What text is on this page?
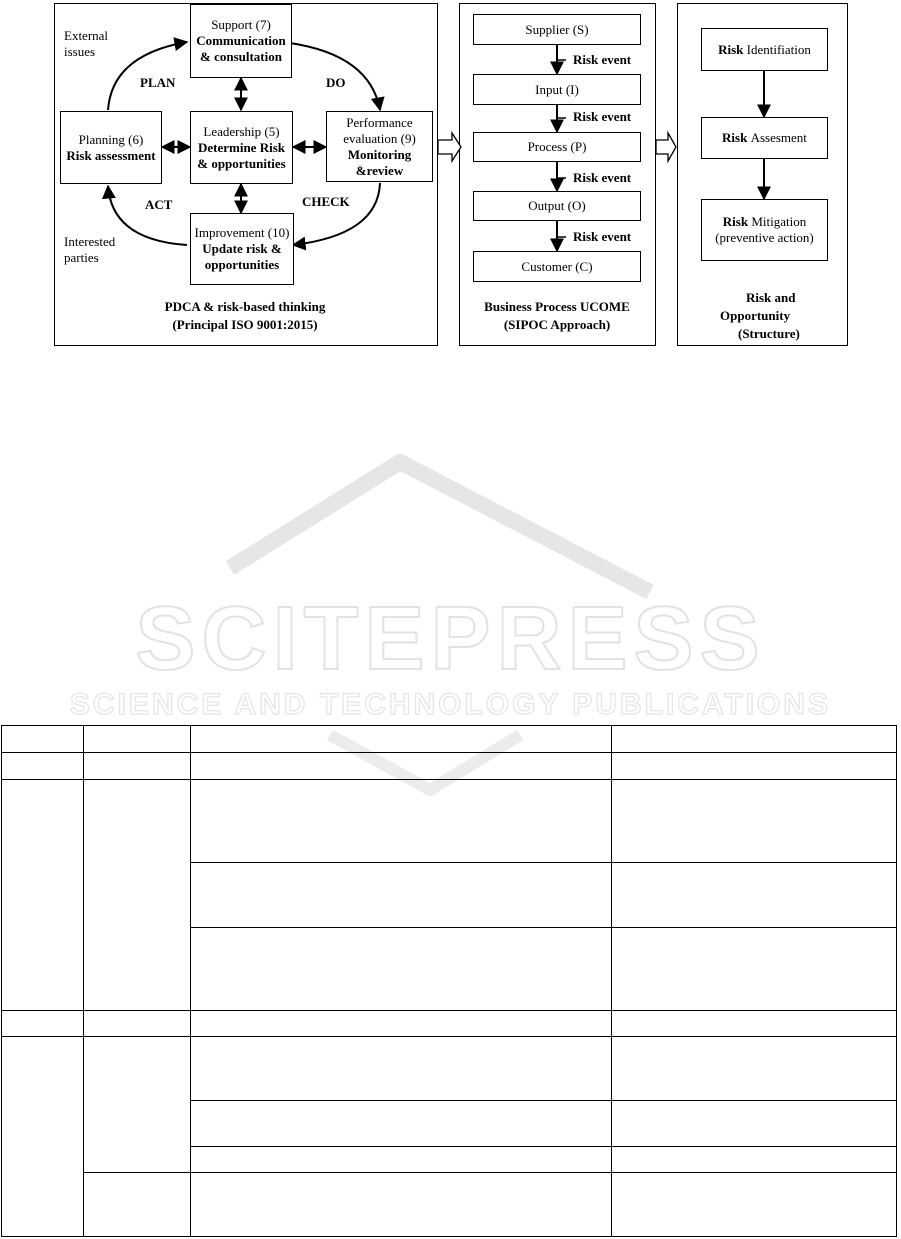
Support (7)
Communication & consultation
Planning (6)
Risk assessment
Leadership (5)
Determine Risk & opportunities
Performance evaluation (9)
Monitoring &review
Improvement (10)
Update risk & opportunities
External issues
Interested parties
PLAN	DO
CHECK
ACT
PDCA & risk-based thinking
(Principal ISO 9001:2015)
Supplier (S)
Input (I)
Process (P)
Output (O)
Customer (C)
Risk event
Risk event
Risk event
Risk event
Business Process UCOME
(SIPOC Approach)
Risk
Identifiation
Risk
Assesment
Risk Mitigation
(preventive action)
Risk and
Opportunity
(Structure)
SCITEPRESS
SCIENCE AND TECHNOLOGY PUBLICATIONS
